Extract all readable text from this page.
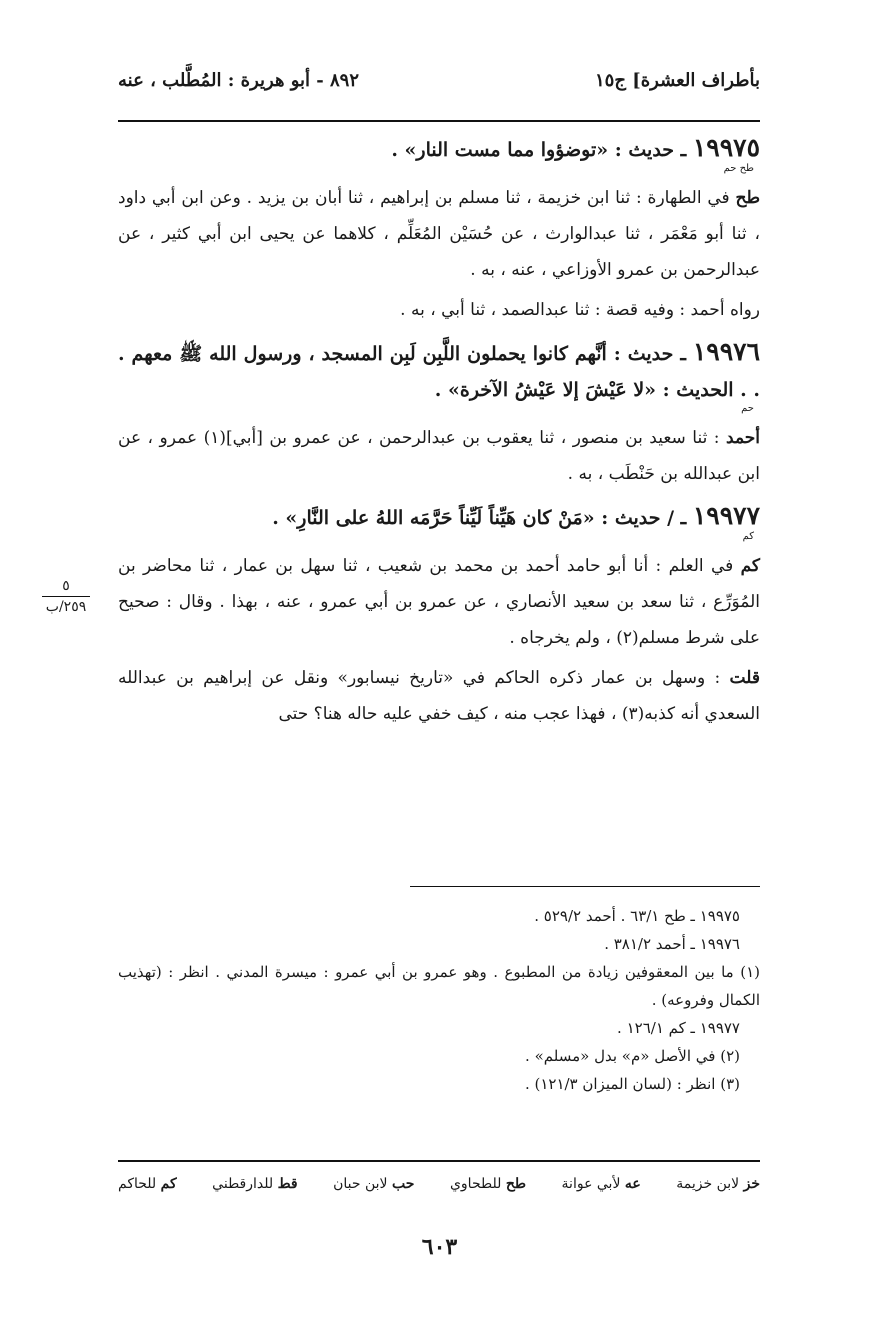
بأطراف العشرة] ج١٥
٨٩٢ - أبو هريرة : المُطَّلب ، عنه

١٩٩٧٥ ـ حديث : «توضؤوا مما مست النار» .

طح حم

طح في الطهارة : ثنا ابن خزيمة ، ثنا مسلم بن إبراهيم ، ثنا أبان بن يزيد . وعن ابن أبي داود ، ثنا أبو مَعْمَر ، ثنا عبدالوارث ، عن حُسَيْن المُعَلِّم ، كلاهما عن يحيى ابن أبي كثير ، عن عبدالرحمن بن عمرو الأوزاعي ، عنه ، به .

رواه أحمد : وفيه قصة : ثنا عبدالصمد ، ثنا أبي ، به .

١٩٩٧٦ ـ حديث : أنَّهم كانوا يحملون اللَّبِن لَبِن المسجد ، ورسول الله ﷺ معهم . . . الحديث : «لا عَيْشَ إلا عَيْشُ الآخرة» .

حم

أحمد : ثنا سعيد بن منصور ، ثنا يعقوب بن عبدالرحمن ، عن عمرو بن [أبي](١) عمرو ، عن ابن عبدالله بن حَنْطَب ، به .

١٩٩٧٧ ـ / حديث : «مَنْ كان هَيِّناً لَيِّناً حَرَّمَه اللهُ على النَّارِ» .

كم

كم في العلم : أنا أبو حامد أحمد بن محمد بن شعيب ، ثنا سهل بن عمار ، ثنا محاضر بن المُوَرِّع ، ثنا سعد بن سعيد الأنصاري ، عن عمرو بن أبي عمرو ، عنه ، بهذا . وقال : صحيح على شرط مسلم(٢) ، ولم يخرجاه .

قلت : وسهل بن عمار ذكره الحاكم في «تاريخ نيسابور» ونقل عن إبراهيم بن عبدالله السعدي أنه كذبه(٣) ، فهذا عجب منه ، كيف خفي عليه حاله هنا؟ حتى

٥
٢٥٩/ب

١٩٩٧٥ ـ طح ٦٣/١ . أحمد ٥٢٩/٢ .

١٩٩٧٦ ـ أحمد ٣٨١/٢ .

(١) ما بين المعقوفين زيادة من المطبوع . وهو عمرو بن أبي عمرو : ميسرة المدني . انظر : (تهذيب الكمال وفروعه) .

١٩٩٧٧ ـ كم ١٢٦/١ .

(٢) في الأصل «م» بدل «مسلم» .

(٣) انظر : (لسان الميزان ١٢١/٣) .

خز لابن خزيمة
عه لأبي عوانة
طح للطحاوي
حب لابن حبان
قط للدارقطني
كم للحاكم
٦٠٣
